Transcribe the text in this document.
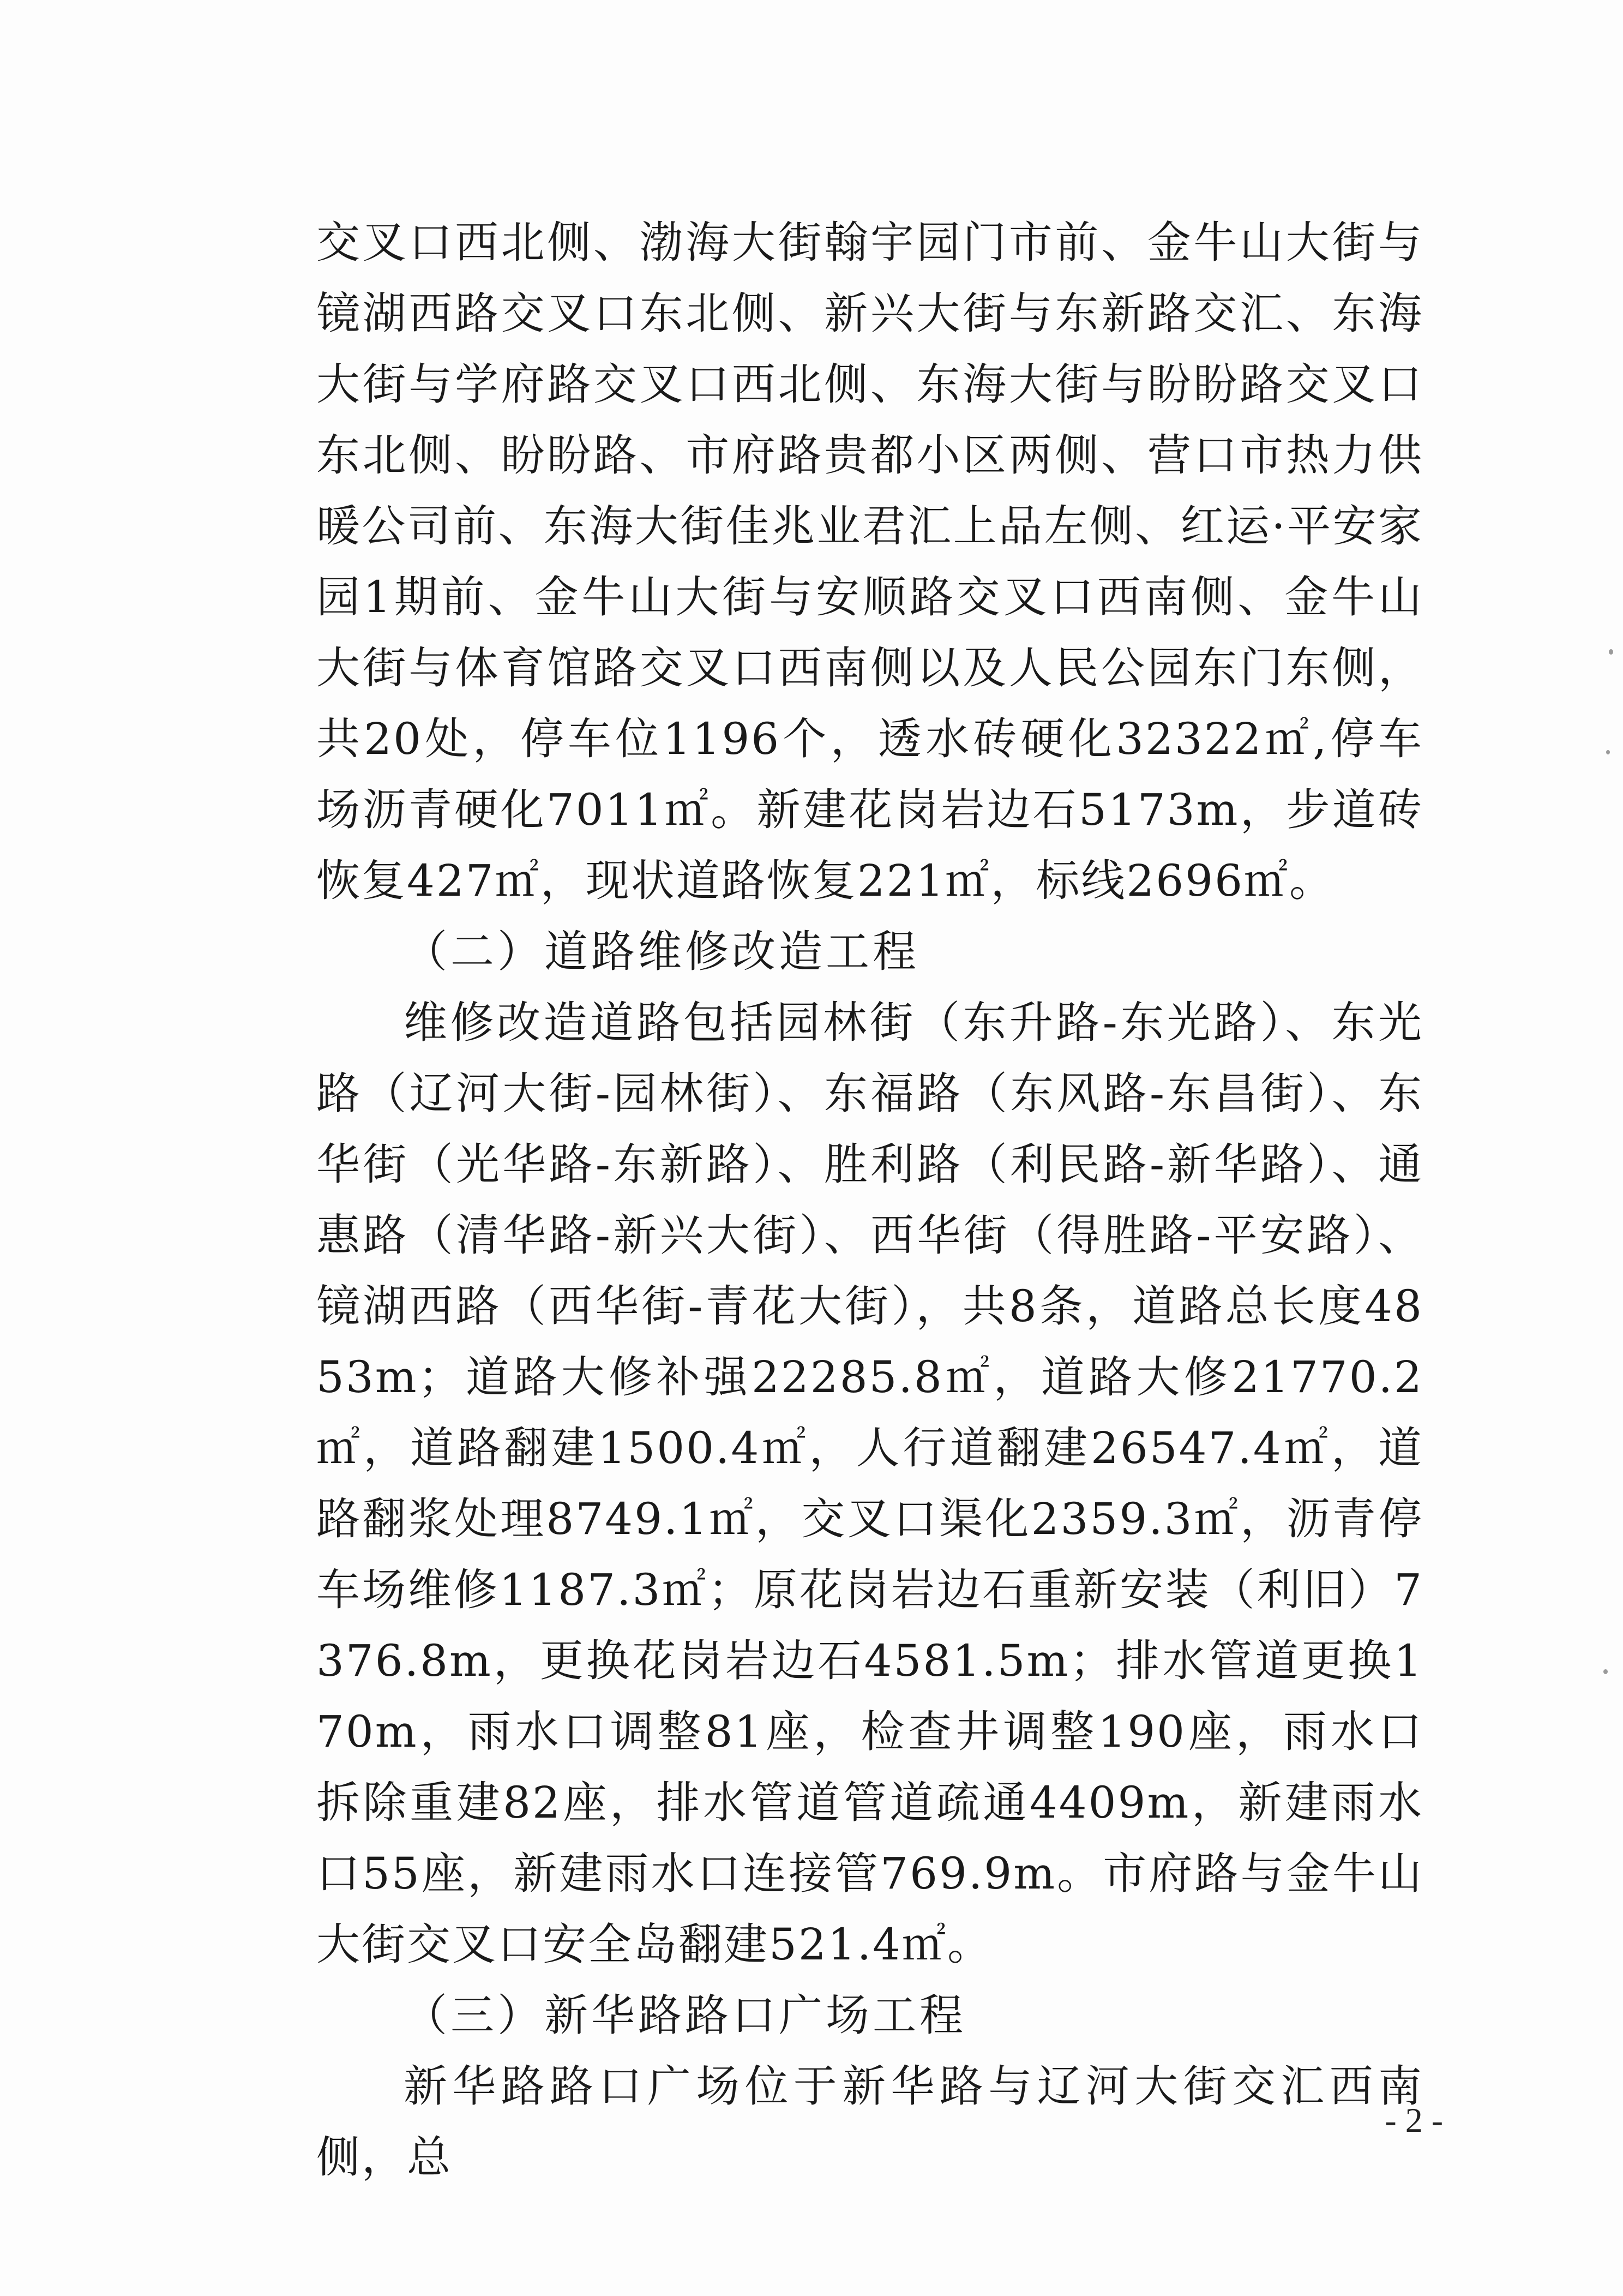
交叉口西北侧、渤海大街翰宇园门市前、金牛山大街与镜湖西路交叉口东北侧、新兴大街与东新路交汇、东海大街与学府路交叉口西北侧、东海大街与盼盼路交叉口东北侧、盼盼路、市府路贵都小区两侧、营口市热力供暖公司前、东海大街佳兆业君汇上品左侧、红运·平安家园1期前、金牛山大街与安顺路交叉口西南侧、金牛山大街与体育馆路交叉口西南侧以及人民公园东门东侧，共20处，停车位1196个，透水砖硬化32322㎡,停车场沥青硬化7011㎡。新建花岗岩边石5173m，步道砖恢复427㎡，现状道路恢复221㎡，标线2696㎡。

（二）道路维修改造工程

维修改造道路包括园林街（东升路-东光路）、东光路（辽河大街-园林街）、东福路（东风路-东昌街）、东华街（光华路-东新路）、胜利路（利民路-新华路）、通惠路（清华路-新兴大街）、西华街（得胜路-平安路）、镜湖西路（西华街-青花大街），共8条，道路总长度4853m；道路大修补强22285.8㎡，道路大修21770.2㎡，道路翻建1500.4㎡，人行道翻建26547.4㎡，道路翻浆处理8749.1㎡，交叉口渠化2359.3㎡，沥青停车场维修1187.3㎡；原花岗岩边石重新安装（利旧）7376.8m，更换花岗岩边石4581.5m；排水管道更换170m，雨水口调整81座，检查井调整190座，雨水口拆除重建82座，排水管道管道疏通4409m，新建雨水口55座，新建雨水口连接管769.9m。市府路与金牛山大街交叉口安全岛翻建521.4㎡。

（三）新华路路口广场工程

新华路路口广场位于新华路与辽河大街交汇西南侧，总

- 2 -
